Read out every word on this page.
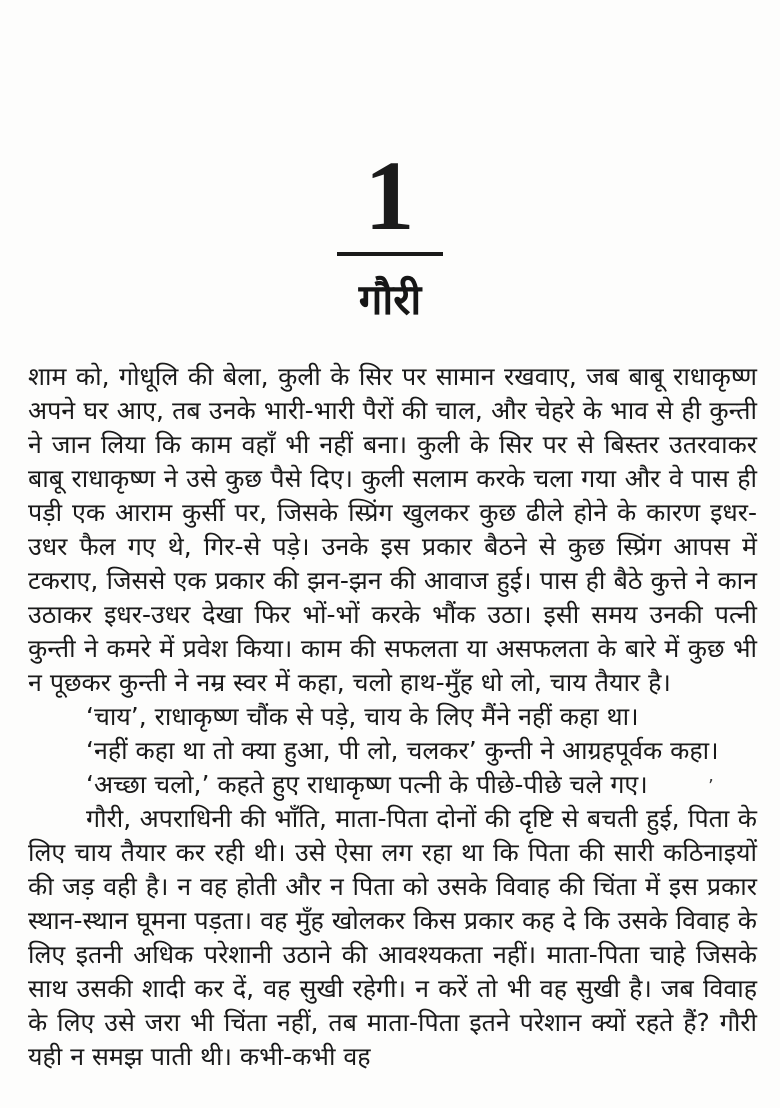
1
गौरी

शाम को, गोधूलि की बेला, कुली के सिर पर सामान रखवाए, जब बाबू राधाकृष्ण अपने घर आए, तब उनके भारी-भारी पैरों की चाल, और चेहरे के भाव से ही कुन्ती ने जान लिया कि काम वहाँ भी नहीं बना। कुली के सिर पर से बिस्तर उतरवाकर बाबू राधाकृष्ण ने उसे कुछ पैसे दिए। कुली सलाम करके चला गया और वे पास ही पड़ी एक आराम कुर्सी पर, जिसके स्प्रिंग खुलकर कुछ ढीले होने के कारण इधर-उधर फैल गए थे, गिर-से पड़े। उनके इस प्रकार बैठने से कुछ स्प्रिंग आपस में टकराए, जिससे एक प्रकार की झन-झन की आवाज हुई। पास ही बैठे कुत्ते ने कान उठाकर इधर-उधर देखा फिर भों-भों करके भौंक उठा। इसी समय उनकी पत्नी कुन्ती ने कमरे में प्रवेश किया। काम की सफलता या असफलता के बारे में कुछ भी न पूछकर कुन्ती ने नम्र स्वर में कहा, चलो हाथ-मुँह धो लो, चाय तैयार है।

‘चाय’, राधाकृष्ण चौंक से पड़े, चाय के लिए मैंने नहीं कहा था।

‘नहीं कहा था तो क्या हुआ, पी लो, चलकर’ कुन्ती ने आग्रहपूर्वक कहा।

‘अच्छा चलो,’ कहते हुए राधाकृष्ण पत्नी के पीछे-पीछे चले गए।

गौरी, अपराधिनी की भाँति, माता-पिता दोनों की दृष्टि से बचती हुई, पिता के लिए चाय तैयार कर रही थी। उसे ऐसा लग रहा था कि पिता की सारी कठिनाइयों की जड़ वही है। न वह होती और न पिता को उसके विवाह की चिंता में इस प्रकार स्थान-स्थान घूमना पड़ता। वह मुँह खोलकर किस प्रकार कह दे कि उसके विवाह के लिए इतनी अधिक परेशानी उठाने की आवश्यकता नहीं। माता-पिता चाहे जिसके साथ उसकी शादी कर दें, वह सुखी रहेगी। न करें तो भी वह सुखी है। जब विवाह के लिए उसे जरा भी चिंता नहीं, तब माता-पिता इतने परेशान क्यों रहते हैं? गौरी यही न समझ पाती थी। कभी-कभी वह

’
